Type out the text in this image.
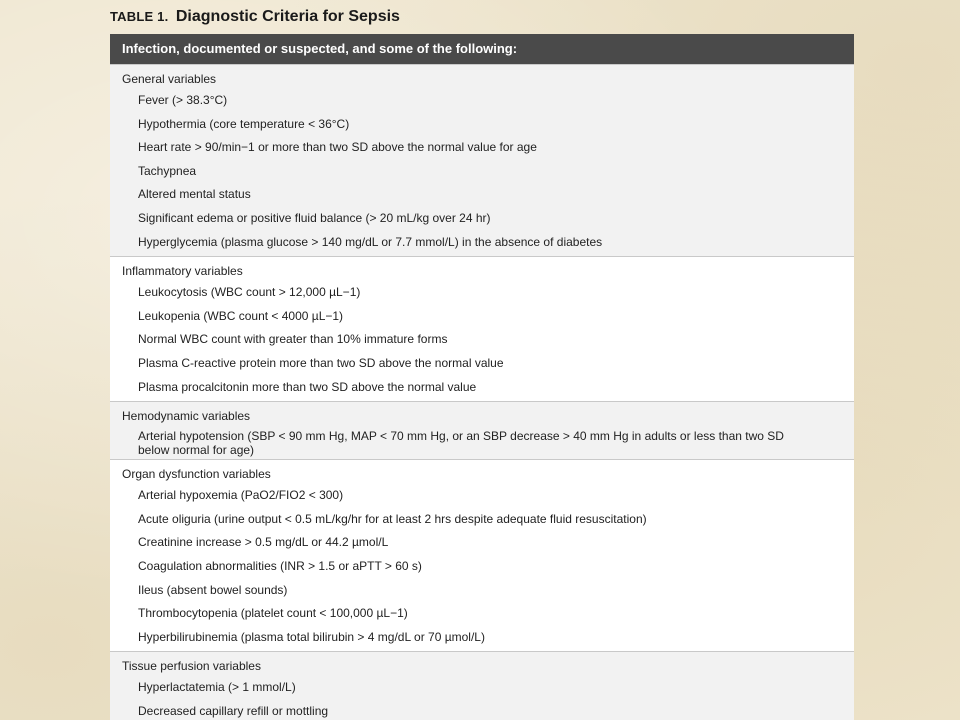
TABLE 1. Diagnostic Criteria for Sepsis
Infection, documented or suspected, and some of the following:
General variables
Fever (> 38.3°C)
Hypothermia (core temperature < 36°C)
Heart rate > 90/min−1 or more than two SD above the normal value for age
Tachypnea
Altered mental status
Significant edema or positive fluid balance (> 20 mL/kg over 24 hr)
Hyperglycemia (plasma glucose > 140 mg/dL or 7.7 mmol/L) in the absence of diabetes
Inflammatory variables
Leukocytosis (WBC count > 12,000 µL−1)
Leukopenia (WBC count < 4000 µL−1)
Normal WBC count with greater than 10% immature forms
Plasma C-reactive protein more than two SD above the normal value
Plasma procalcitonin more than two SD above the normal value
Hemodynamic variables
Arterial hypotension (SBP < 90 mm Hg, MAP < 70 mm Hg, or an SBP decrease > 40 mm Hg in adults or less than two SD below normal for age)
Organ dysfunction variables
Arterial hypoxemia (PaO2/FIO2 < 300)
Acute oliguria (urine output < 0.5 mL/kg/hr for at least 2 hrs despite adequate fluid resuscitation)
Creatinine increase > 0.5 mg/dL or 44.2 µmol/L
Coagulation abnormalities (INR > 1.5 or aPTT > 60 s)
Ileus (absent bowel sounds)
Thrombocytopenia (platelet count < 100,000 µL−1)
Hyperbilirubinemia (plasma total bilirubin > 4 mg/dL or 70 µmol/L)
Tissue perfusion variables
Hyperlactatemia (> 1 mmol/L)
Decreased capillary refill or mottling
